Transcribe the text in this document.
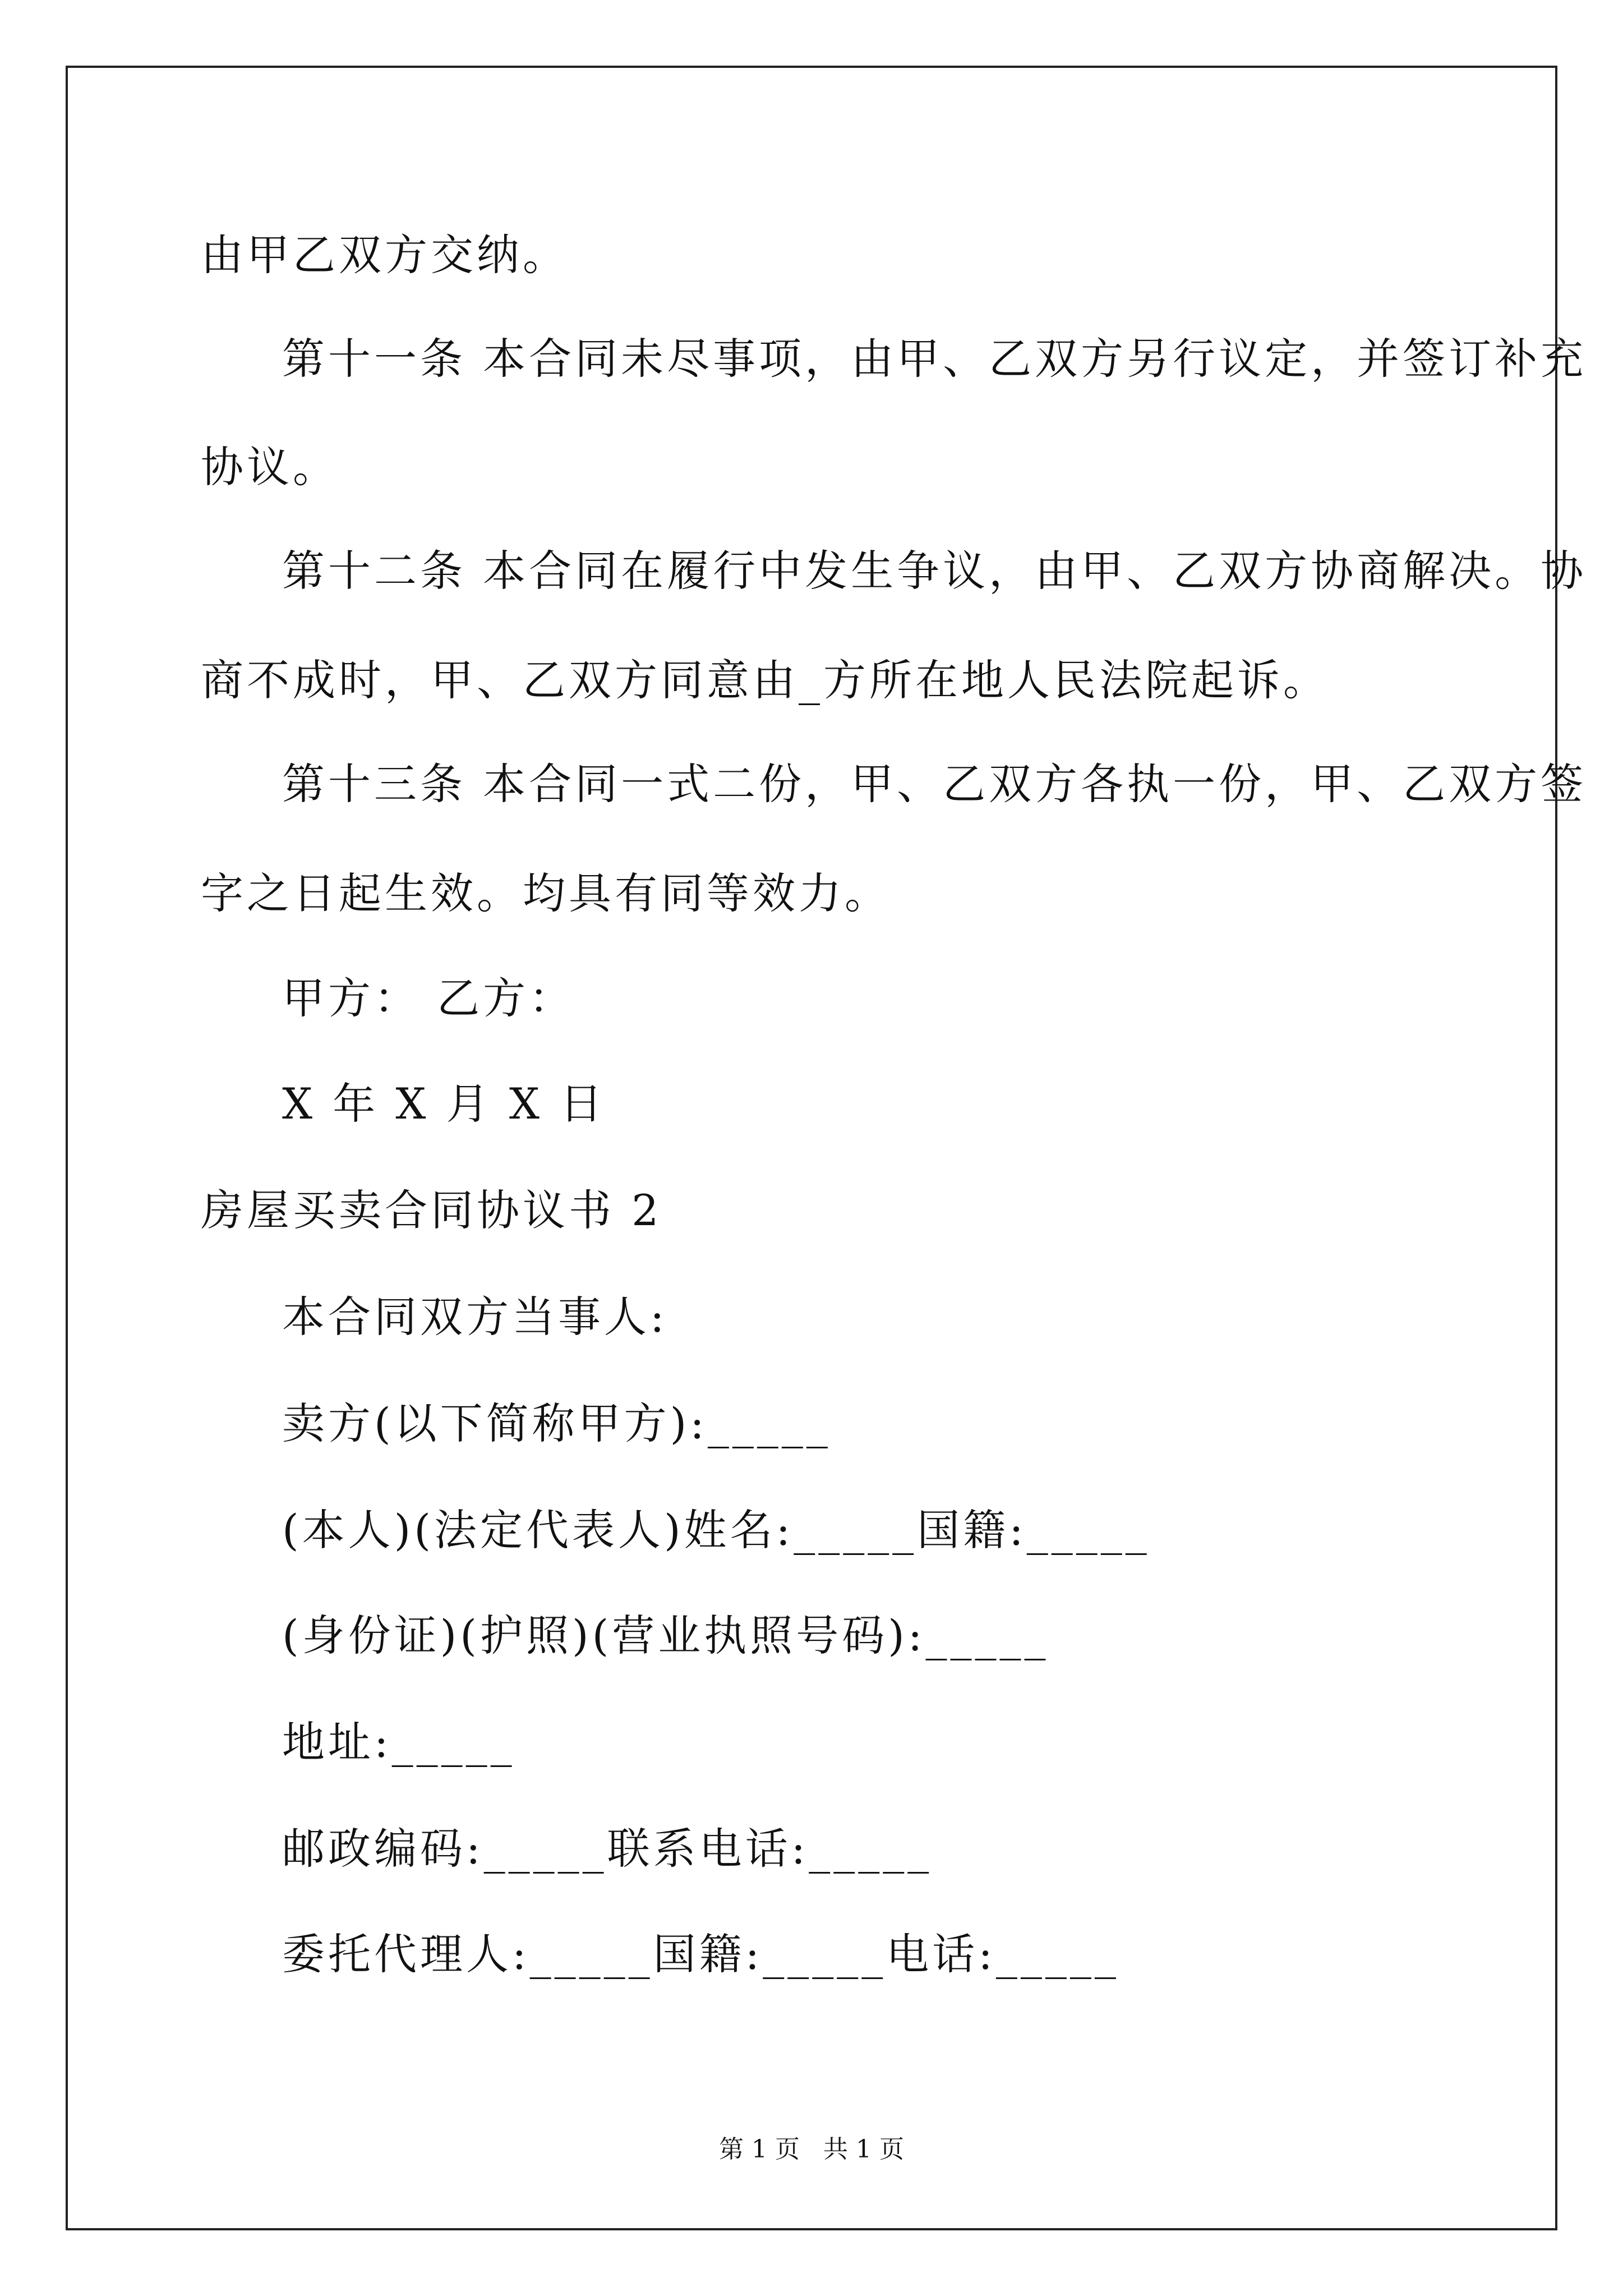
由甲乙双方交纳。

第十一条 本合同未尽事项，由甲、乙双方另行议定，并签订补充

协议。

第十二条 本合同在履行中发生争议，由甲、乙双方协商解决。协

商不成时，甲、乙双方同意由_方所在地人民法院起诉。

第十三条 本合同一式二份，甲、乙双方各执一份，甲、乙双方签

字之日起生效。均具有同等效力。

甲方： 乙方：

X 年 X 月 X 日

房屋买卖合同协议书 2

本合同双方当事人:

卖方(以下简称甲方):_____

(本人)(法定代表人)姓名:_____国籍:_____

(身份证)(护照)(营业执照号码):_____

地址:_____

邮政编码:_____联系电话:_____

委托代理人:_____国籍:_____电话:_____

第 1 页   共 1 页
